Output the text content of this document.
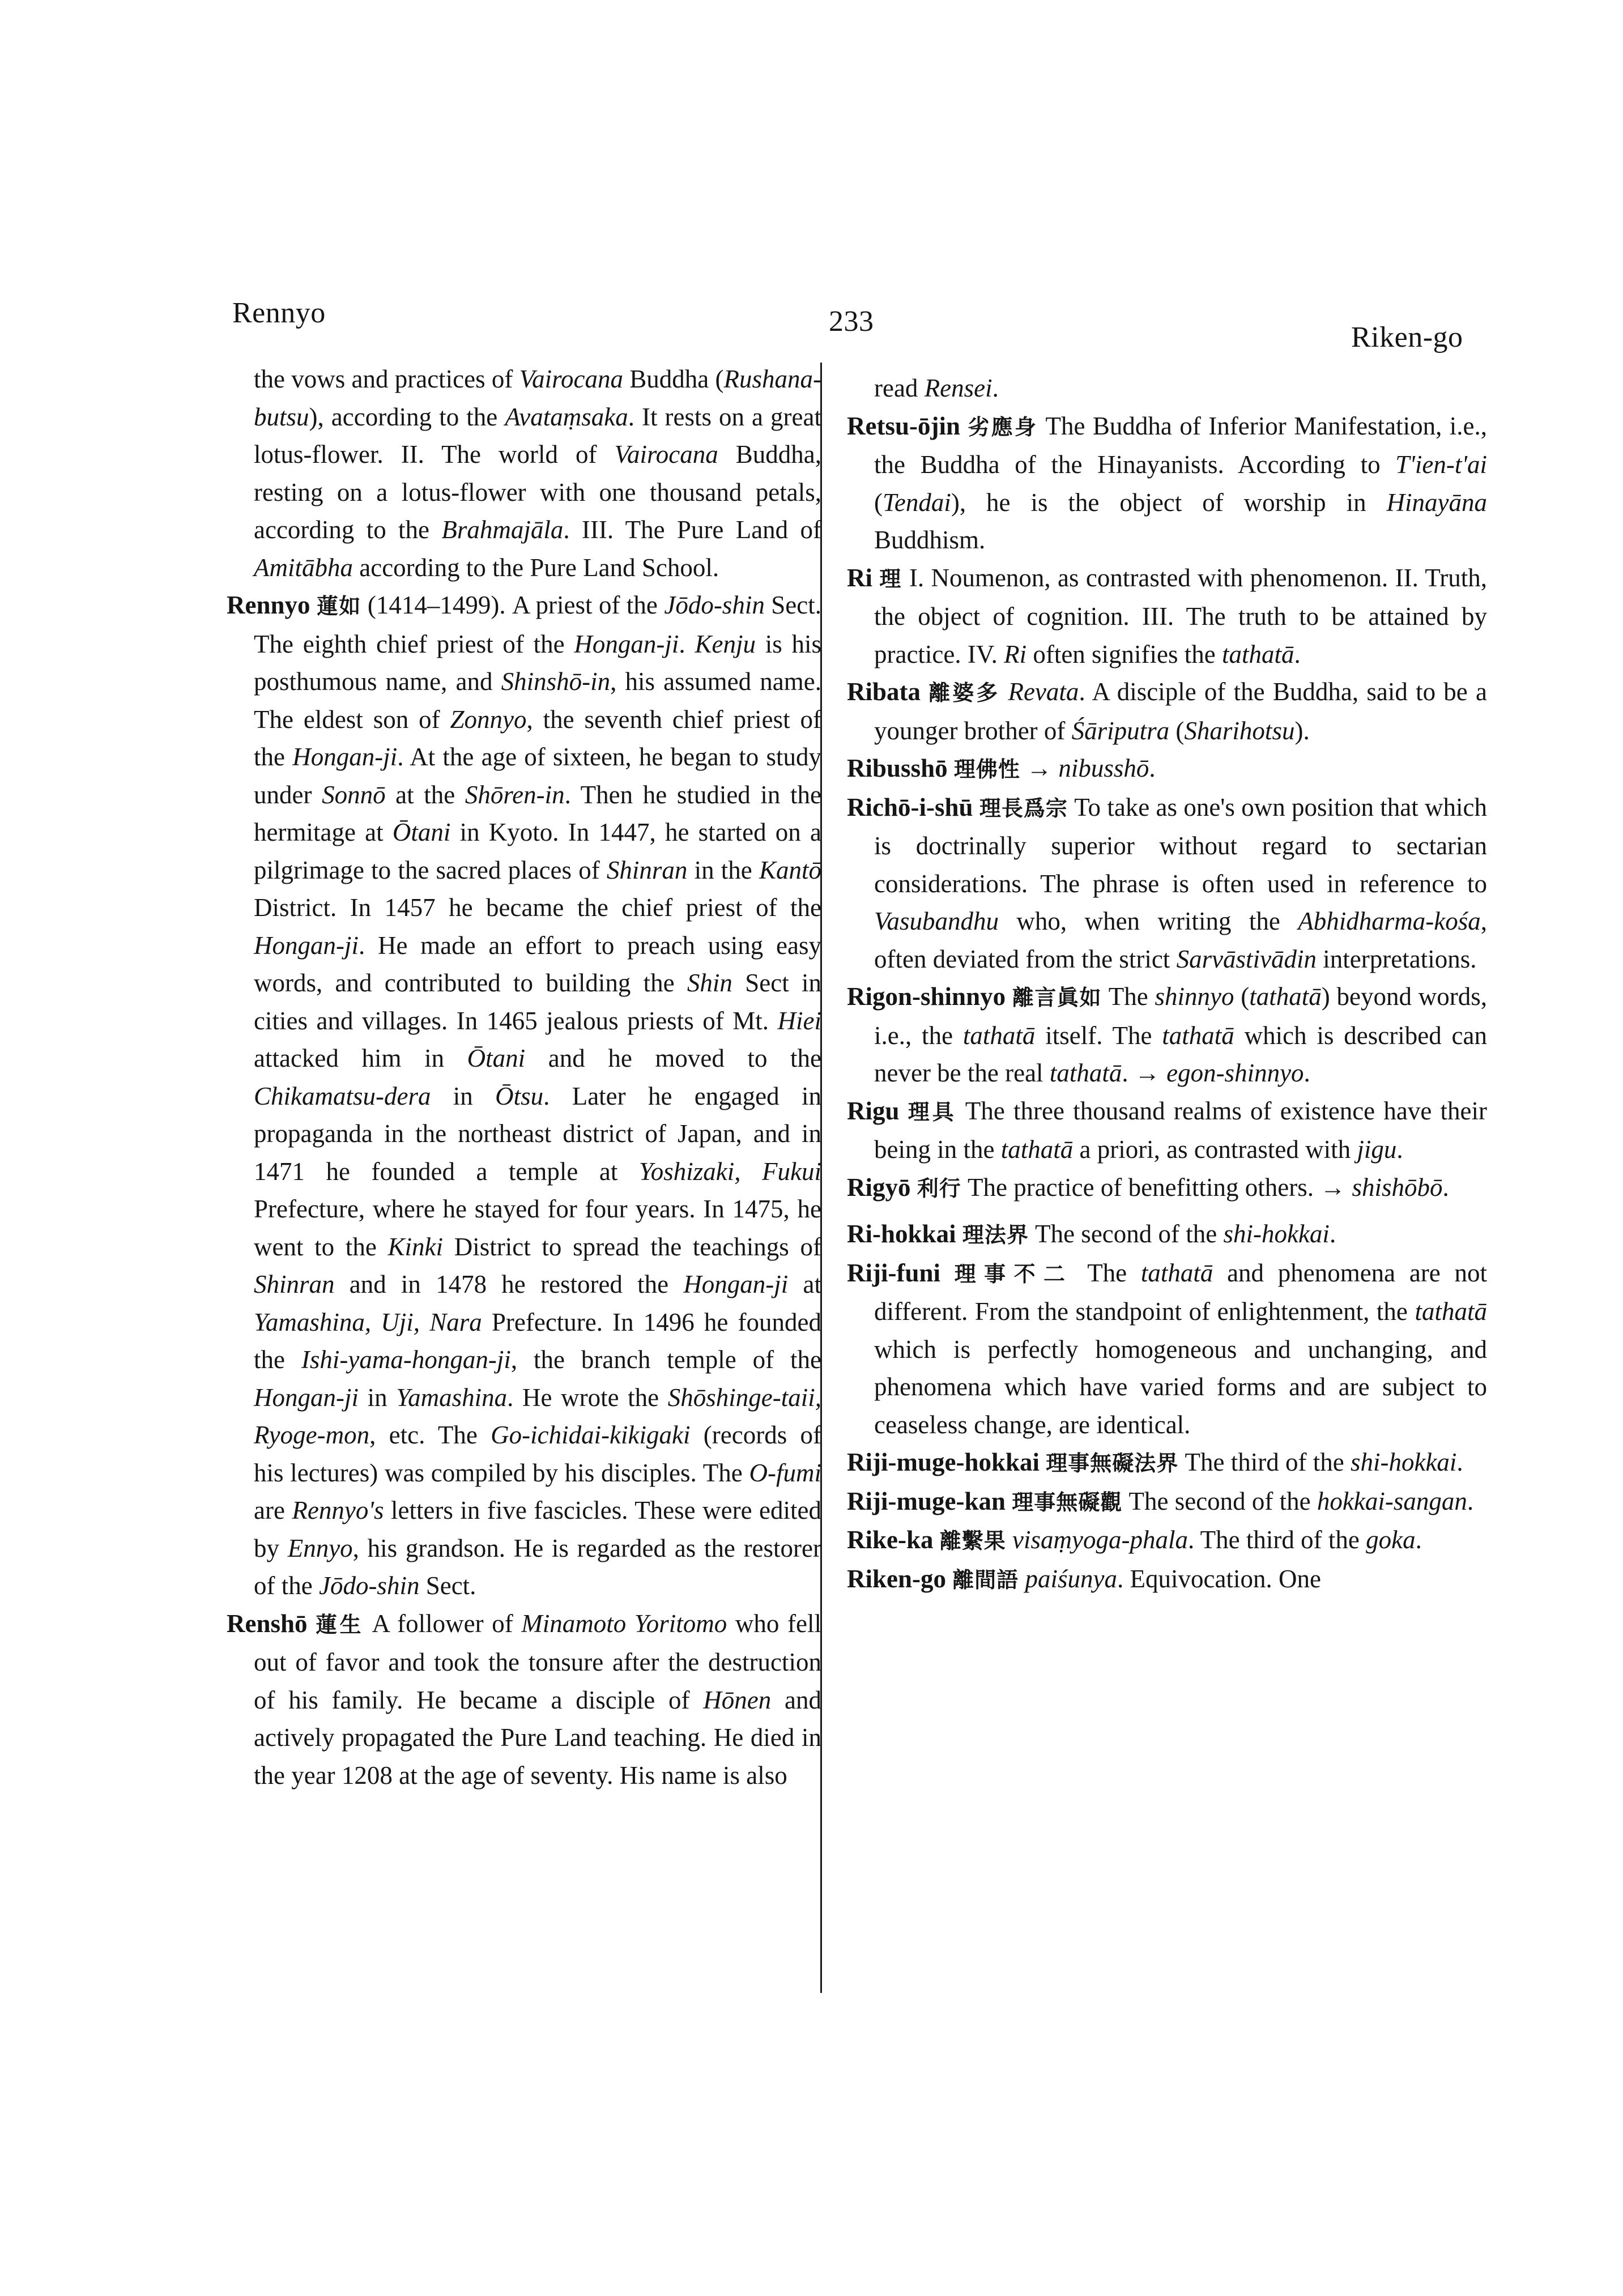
Rennyo	233	Riken-go

the vows and practices of Vairocana Buddha (Rushana-butsu), according to the Avataṃsaka. It rests on a great lotus-flower. II. The world of Vairocana Buddha, resting on a lotus-flower with one thousand petals, according to the Brahmajāla. III. The Pure Land of Amitābha according to the Pure Land School.

Rennyo 蓮如 (1414–1499). A priest of the Jōdo-shin Sect. The eighth chief priest of the Hongan-ji. Kenju is his posthumous name, and Shinshō-in, his assumed name. The eldest son of Zonnyo, the seventh chief priest of the Hongan-ji. At the age of sixteen, he began to study under Sonnō at the Shōren-in. Then he studied in the hermitage at Ōtani in Kyoto. In 1447, he started on a pilgrimage to the sacred places of Shinran in the Kantō District. In 1457 he became the chief priest of the Hongan-ji. He made an effort to preach using easy words, and contributed to building the Shin Sect in cities and villages. In 1465 jealous priests of Mt. Hiei attacked him in Ōtani and he moved to the Chikamatsu-dera in Ōtsu. Later he engaged in propaganda in the northeast district of Japan, and in 1471 he founded a temple at Yoshizaki, Fukui Prefecture, where he stayed for four years. In 1475, he went to the Kinki District to spread the teachings of Shinran and in 1478 he restored the Hongan-ji at Yamashina, Uji, Nara Prefecture. In 1496 he founded the Ishi-yama-hongan-ji, the branch temple of the Hongan-ji in Yamashina. He wrote the Shōshinge-taii, Ryoge-mon, etc. The Go-ichidai-kikigaki (records of his lectures) was compiled by his disciples. The O-fumi are Rennyo's letters in five fascicles. These were edited by Ennyo, his grandson. He is regarded as the restorer of the Jōdo-shin Sect.

Renshō 蓮生 A follower of Minamoto Yoritomo who fell out of favor and took the tonsure after the destruction of his family. He became a disciple of Hōnen and actively propagated the Pure Land teaching. He died in the year 1208 at the age of seventy. His name is also

read Rensei.

Retsu-ōjin 劣應身 The Buddha of Inferior Manifestation, i.e., the Buddha of the Hinayanists. According to T'ien-t'ai (Tendai), he is the object of worship in Hinayāna Buddhism.

Ri 理 I. Noumenon, as contrasted with phenomenon. II. Truth, the object of cognition. III. The truth to be attained by practice. IV. Ri often signifies the tathatā.

Ribata 離婆多 Revata. A disciple of the Buddha, said to be a younger brother of Śāriputra (Sharihotsu).

Ribusshō 理佛性 → nibusshō.

Richō-i-shū 理長爲宗 To take as one's own position that which is doctrinally superior without regard to sectarian considerations. The phrase is often used in reference to Vasubandhu who, when writing the Abhidharma-kośa, often deviated from the strict Sarvāstivādin interpretations.

Rigon-shinnyo 離言眞如 The shinnyo (tathatā) beyond words, i.e., the tathatā itself. The tathatā which is described can never be the real tathatā. → egon-shinnyo.

Rigu 理具 The three thousand realms of existence have their being in the tathatā a priori, as contrasted with jigu.

Rigyō 利行 The practice of benefitting others. → shishōbō.

Ri-hokkai 理法界 The second of the shi-hokkai.

Riji-funi 理事不二 The tathatā and phenomena are not different. From the standpoint of enlightenment, the tathatā which is perfectly homogeneous and unchanging, and phenomena which have varied forms and are subject to ceaseless change, are identical.

Riji-muge-hokkai 理事無礙法界 The third of the shi-hokkai.

Riji-muge-kan 理事無礙觀 The second of the hokkai-sangan.

Rike-ka 離繫果 visaṃyoga-phala. The third of the goka.

Riken-go 離間語 paiśunya. Equivocation. One
